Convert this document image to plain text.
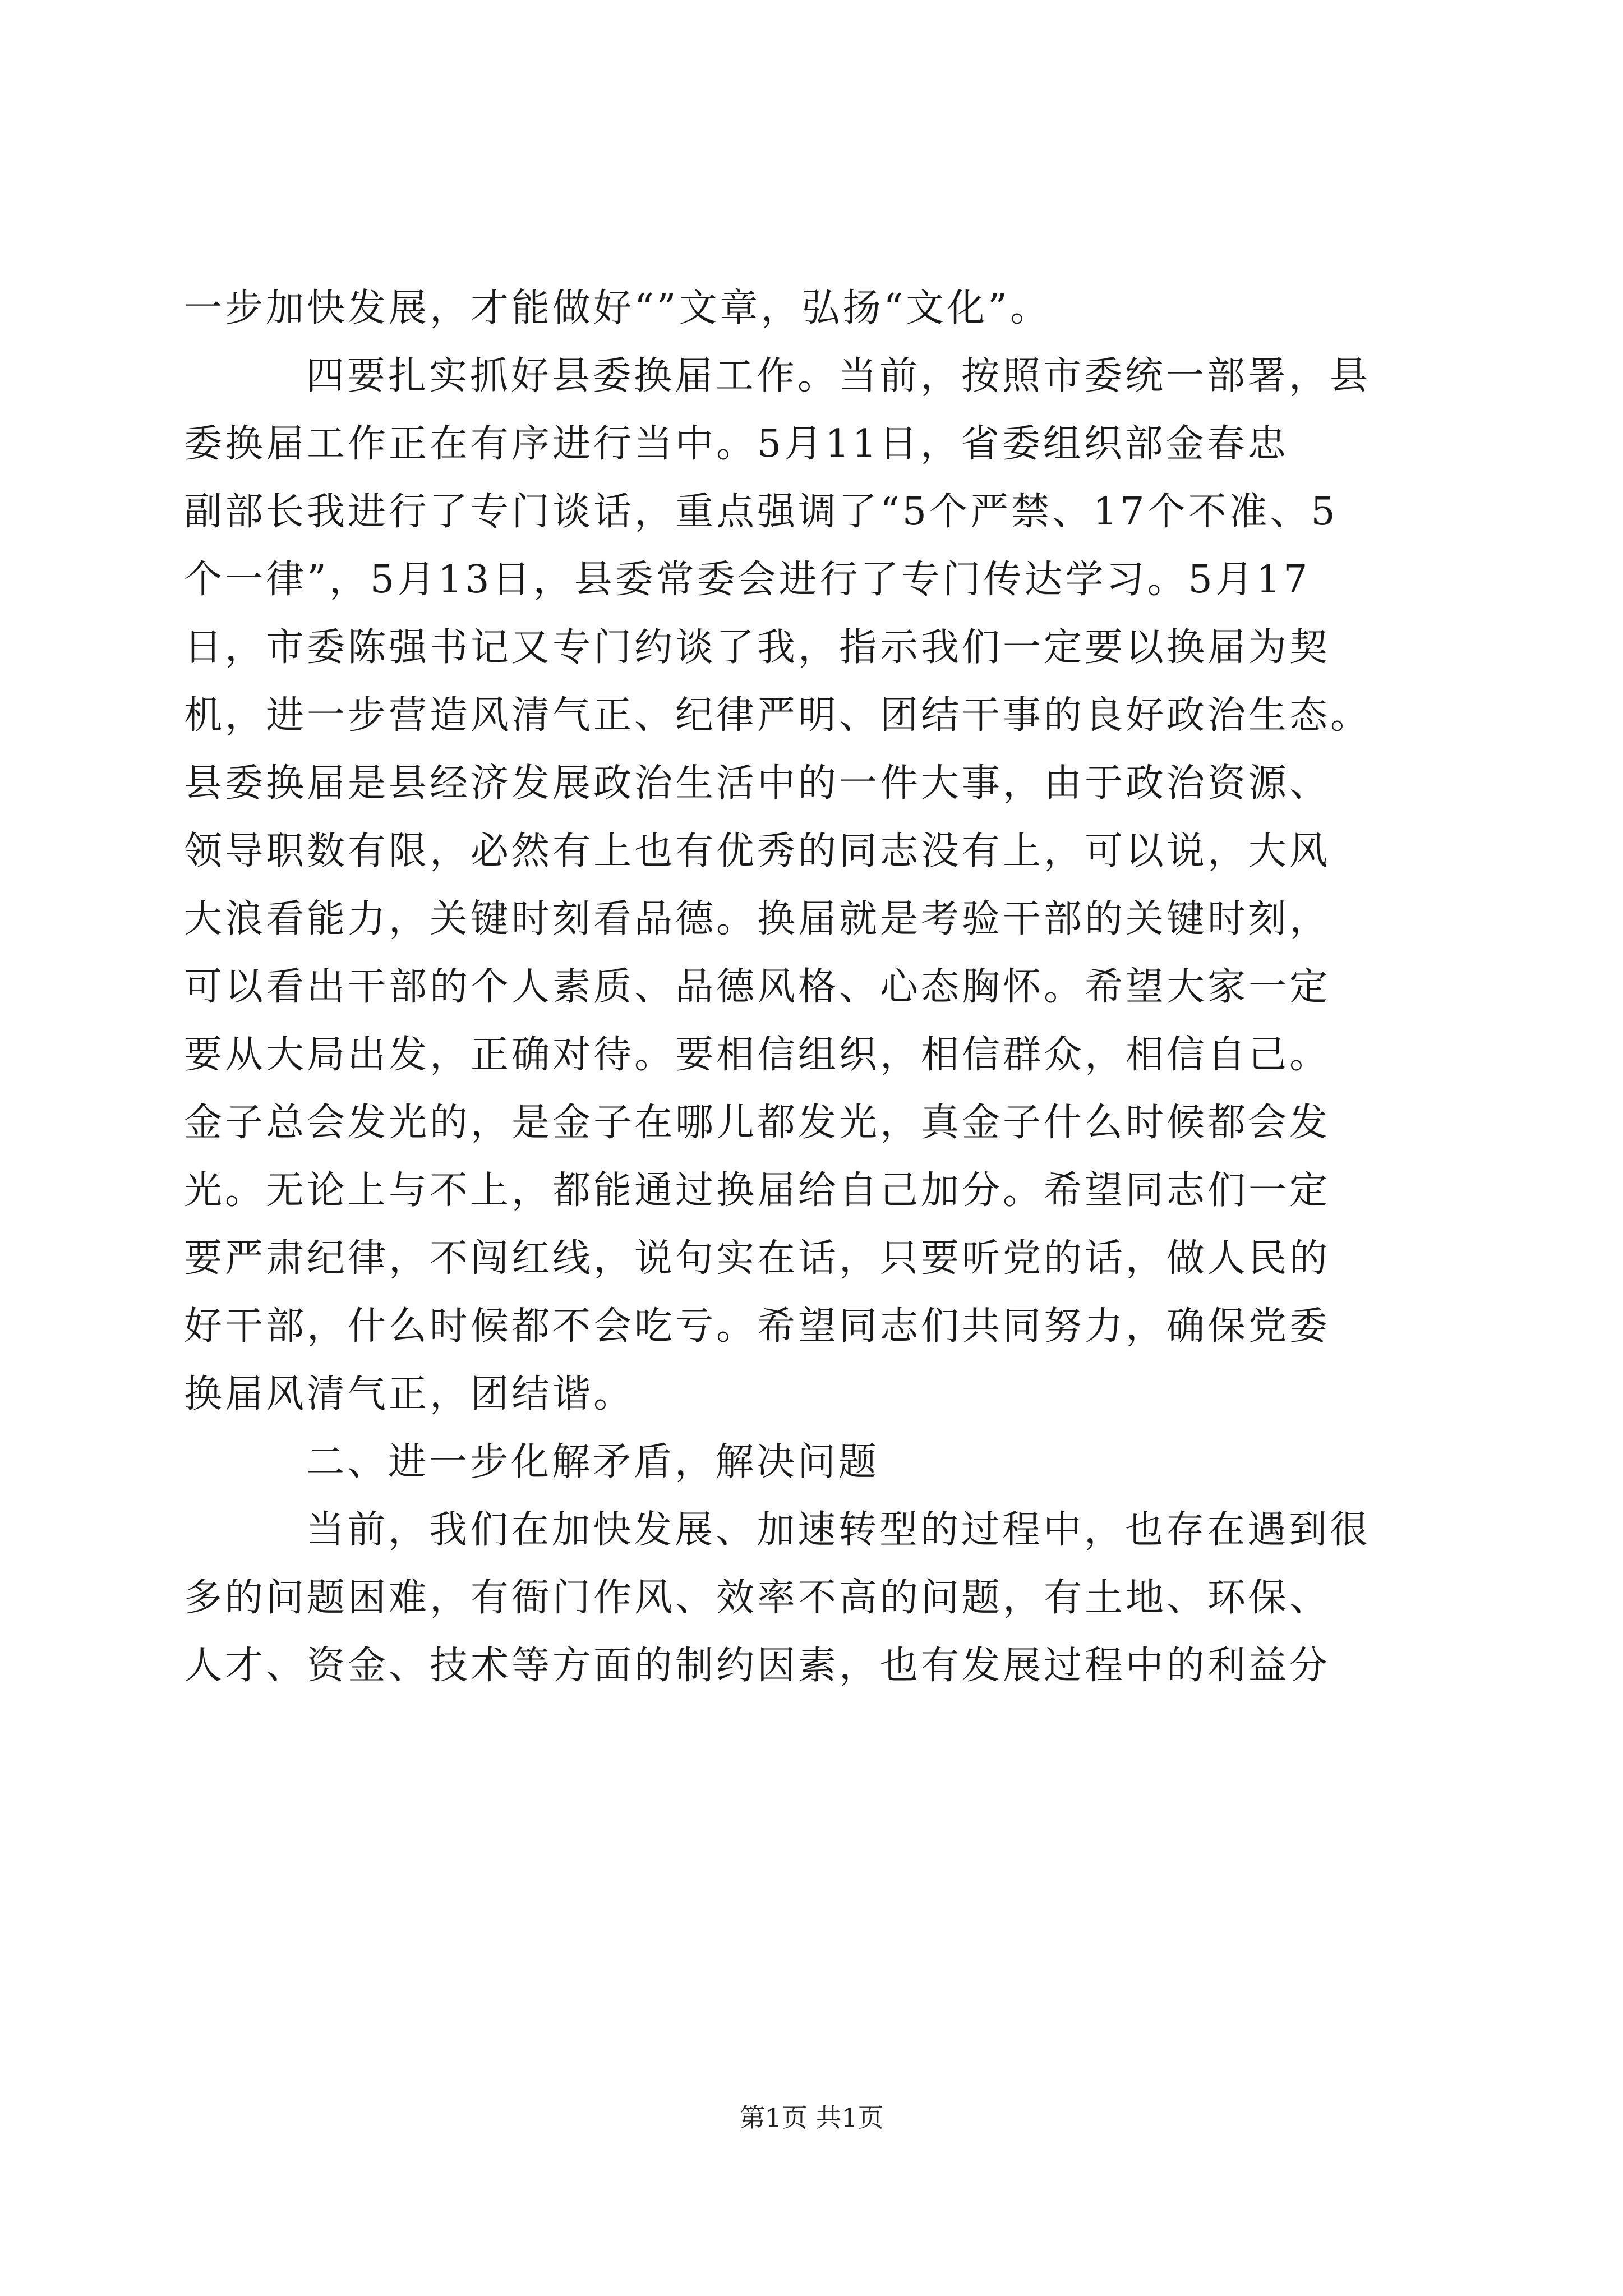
一步加快发展，才能做好“”文章，弘扬“文化”。
四要扎实抓好县委换届工作。当前，按照市委统一部署，县
委换届工作正在有序进行当中。5月11日，省委组织部金春忠
副部长我进行了专门谈话，重点强调了“5个严禁、17个不准、5
个一律”，5月13日，县委常委会进行了专门传达学习。5月17
日，市委陈强书记又专门约谈了我，指示我们一定要以换届为契
机，进一步营造风清气正、纪律严明、团结干事的良好政治生态。
县委换届是县经济发展政治生活中的一件大事，由于政治资源、
领导职数有限，必然有上也有优秀的同志没有上，可以说，大风
大浪看能力，关键时刻看品德。换届就是考验干部的关键时刻，
可以看出干部的个人素质、品德风格、心态胸怀。希望大家一定
要从大局出发，正确对待。要相信组织，相信群众，相信自己。
金子总会发光的，是金子在哪儿都发光，真金子什么时候都会发
光。无论上与不上，都能通过换届给自己加分。希望同志们一定
要严肃纪律，不闯红线，说句实在话，只要听党的话，做人民的
好干部，什么时候都不会吃亏。希望同志们共同努力，确保党委
换届风清气正，团结谐。
二、进一步化解矛盾，解决问题
当前，我们在加快发展、加速转型的过程中，也存在遇到很
多的问题困难，有衙门作风、效率不高的问题，有土地、环保、
人才、资金、技术等方面的制约因素，也有发展过程中的利益分
第1页 共1页
